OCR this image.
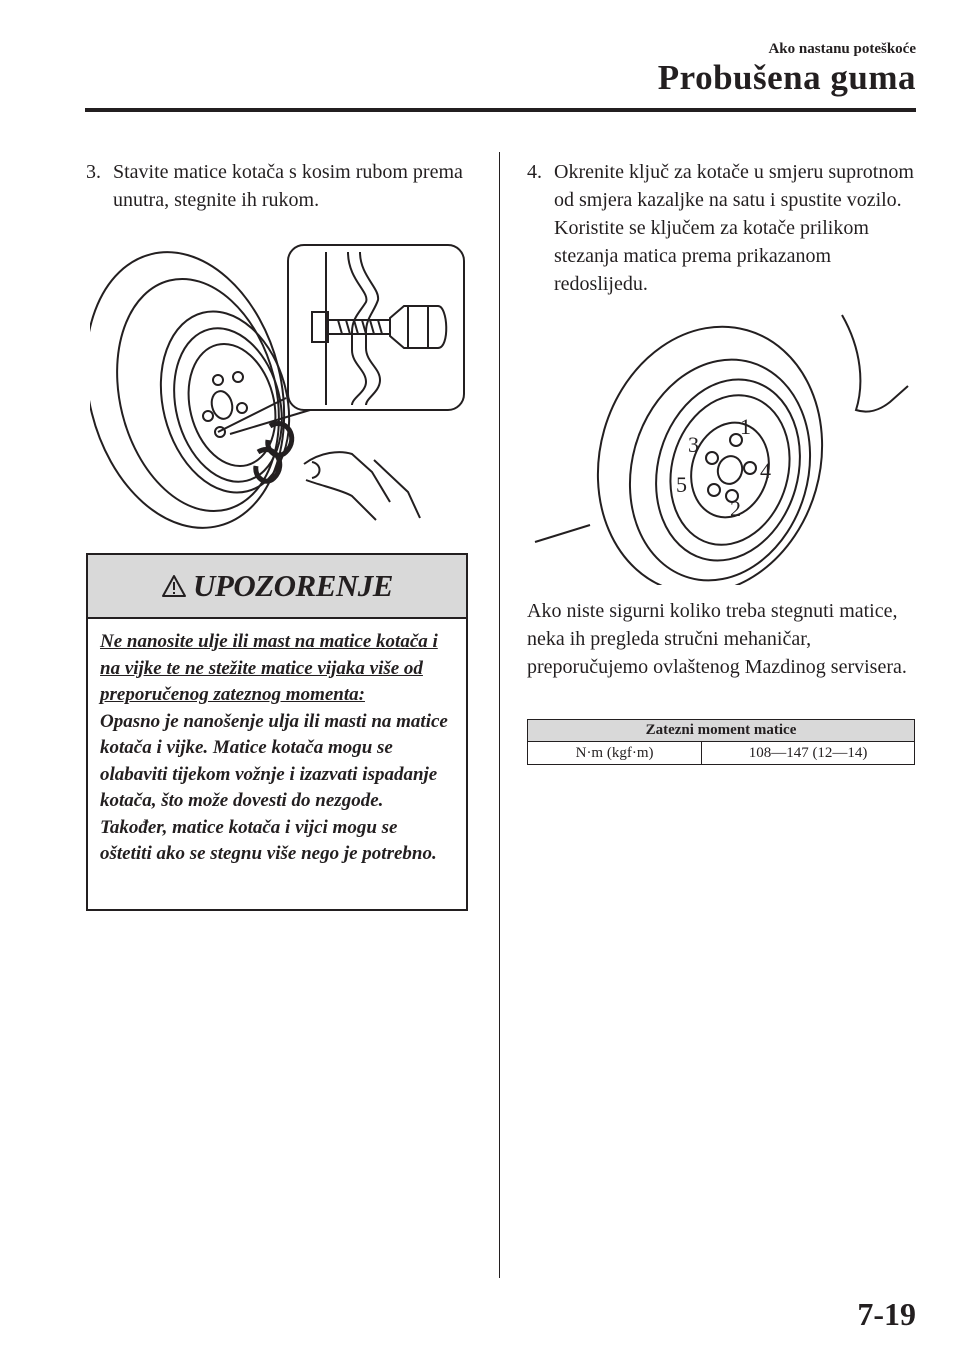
Ako nastanu poteškoće
Probušena guma
3. Stavite matice kotača s kosim rubom prema unutra, stegnite ih rukom.
UPOZORENJE
Ne nanosite ulje ili mast na matice kotača i na vijke te ne stežite matice vijaka više od preporučenog zateznog momenta:
Opasno je nanošenje ulja ili masti na matice kotača i vijke. Matice kotača mogu se olabaviti tijekom vožnje i izazvati ispadanje kotača, što može dovesti do nezgode. Također, matice kotača i vijci mogu se oštetiti ako se stegnu više nego je potrebno.
4. Okrenite ključ za kotače u smjeru suprotnom od smjera kazaljke na satu i spustite vozilo. Koristite se ključem za kotače prilikom stezanja matica prema prikazanom redoslijedu.
1
2
3
4
5
Ako niste sigurni koliko treba stegnuti matice, neka ih pregleda stručni mehaničar, preporučujemo ovlaštenog Mazdinog servisera.
Zatezni moment matice
N·m (kgf·m)	108—147 (12—14)
7-19
